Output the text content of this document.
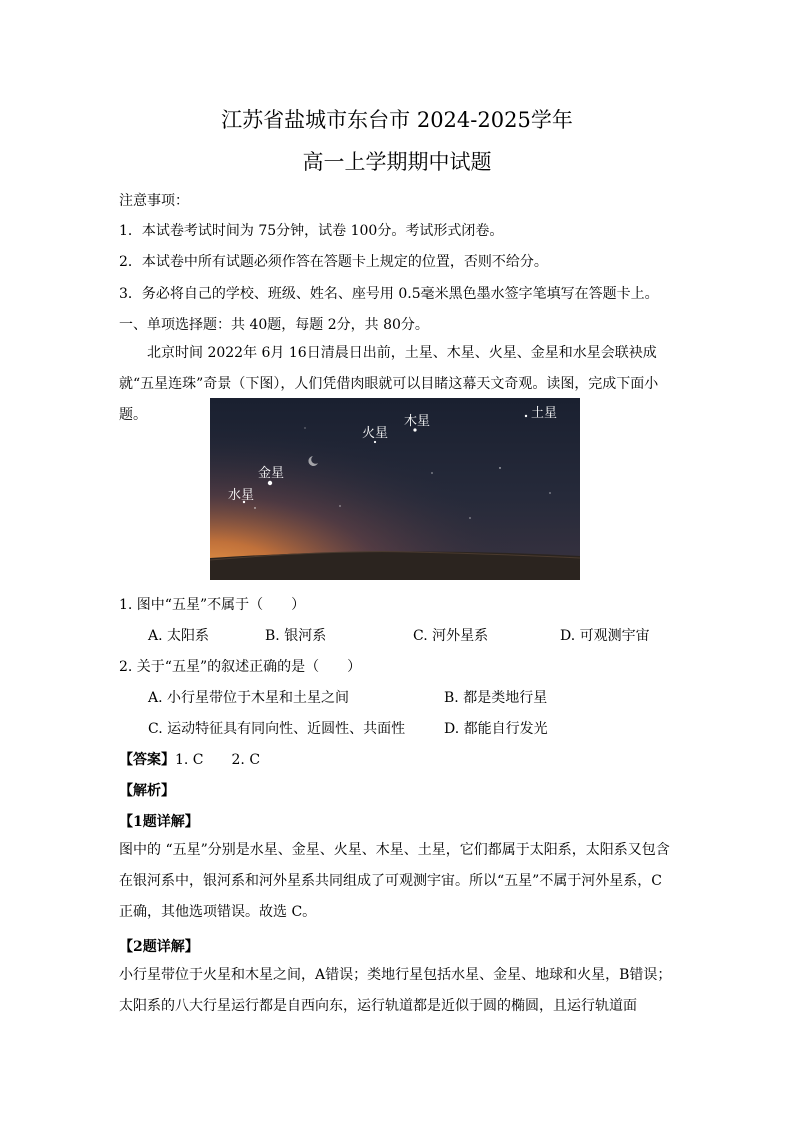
江苏省盐城市东台市 2024-2025学年
高一上学期期中试题
注意事项：
1．本试卷考试时间为 75分钟，试卷 100分。考试形式闭卷。
2．本试卷中所有试题必须作答在答题卡上规定的位置，否则不给分。
3．务必将自己的学校、班级、姓名、座号用 0.5毫米黑色墨水签字笔填写在答题卡上。
一、单项选择题：共 40题，每题 2分，共 80分。
北京时间 2022年 6月 16日清晨日出前，土星、木星、火星、金星和水星会联袂成就“五星连珠”奇景（下图），人们凭借肉眼就可以目睹这幕天文奇观。读图，完成下面小题。	土星
木星
火星
金星
水星
1. 图中“五星”不属于（　　）
A. 太阳系	B. 银河系	C. 河外星系	D. 可观测宇宙
2. 关于“五星”的叙述正确的是（　　）
A. 小行星带位于木星和土星之间	B. 都是类地行星
C. 运动特征具有同向性、近圆性、共面性	D. 都能自行发光
【答案】1. C　　2. C
【解析】
【1题详解】
图中的 “五星”分别是水星、金星、火星、木星、土星，它们都属于太阳系，太阳系又包含在银河系中，银河系和河外星系共同组成了可观测宇宙。所以“五星”不属于河外星系，C正确，其他选项错误。故选 C。
【2题详解】
小行星带位于火星和木星之间，A错误；类地行星包括水星、金星、地球和火星，B错误；太阳系的八大行星运行都是自西向东，运行轨道都是近似于圆的椭圆，且运行轨道面
